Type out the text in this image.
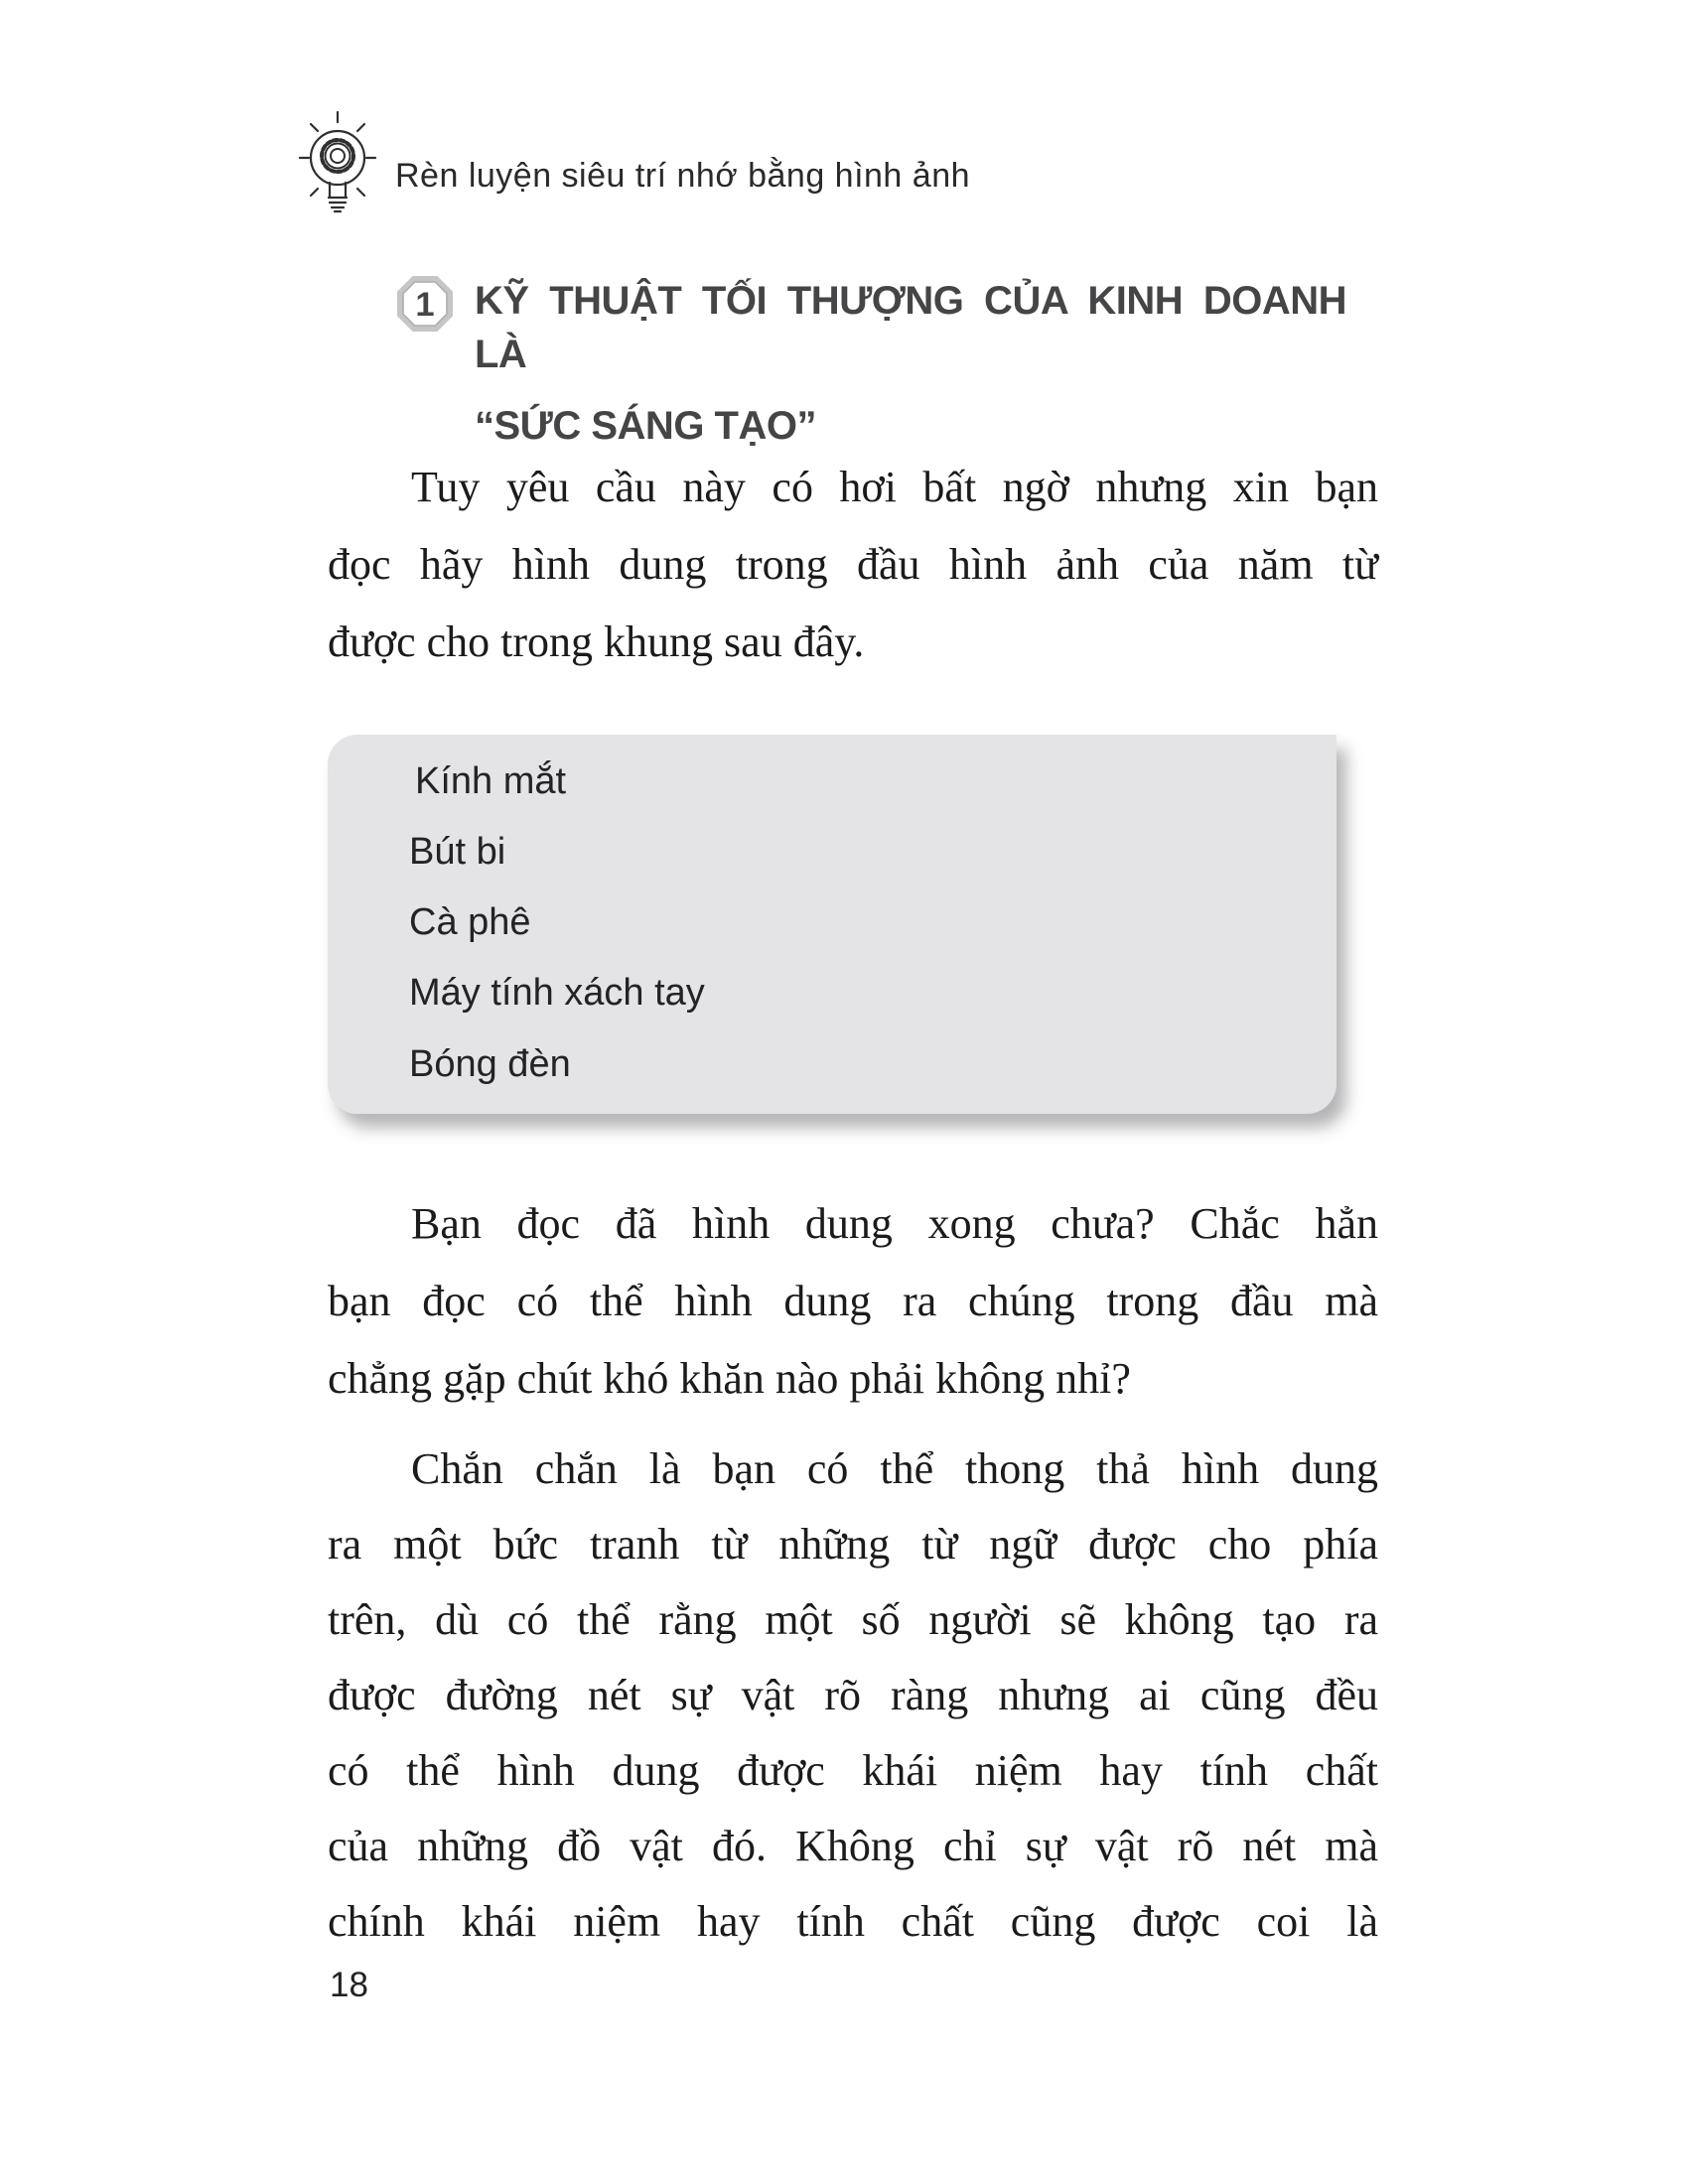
Rèn luyện siêu trí nhớ bằng hình ảnh
1 KỸ THUẬT TỐI THƯỢNG CỦA KINH DOANH LÀ
“SỨC SÁNG TẠO”
Tuy yêu cầu này có hơi bất ngờ nhưng xin bạn
đọc hãy hình dung trong đầu hình ảnh của năm từ
được cho trong khung sau đây.
Kính mắt
Bút bi
Cà phê
Máy tính xách tay
Bóng đèn
Bạn đọc đã hình dung xong chưa? Chắc hẳn
bạn đọc có thể hình dung ra chúng trong đầu mà
chẳng gặp chút khó khăn nào phải không nhỉ?
Chắn chắn là bạn có thể thong thả hình dung
ra một bức tranh từ những từ ngữ được cho phía
trên, dù có thể rằng một số người sẽ không tạo ra
được đường nét sự vật rõ ràng nhưng ai cũng đều
có thể hình dung được khái niệm hay tính chất
của những đồ vật đó. Không chỉ sự vật rõ nét mà
chính khái niệm hay tính chất cũng được coi là
18
